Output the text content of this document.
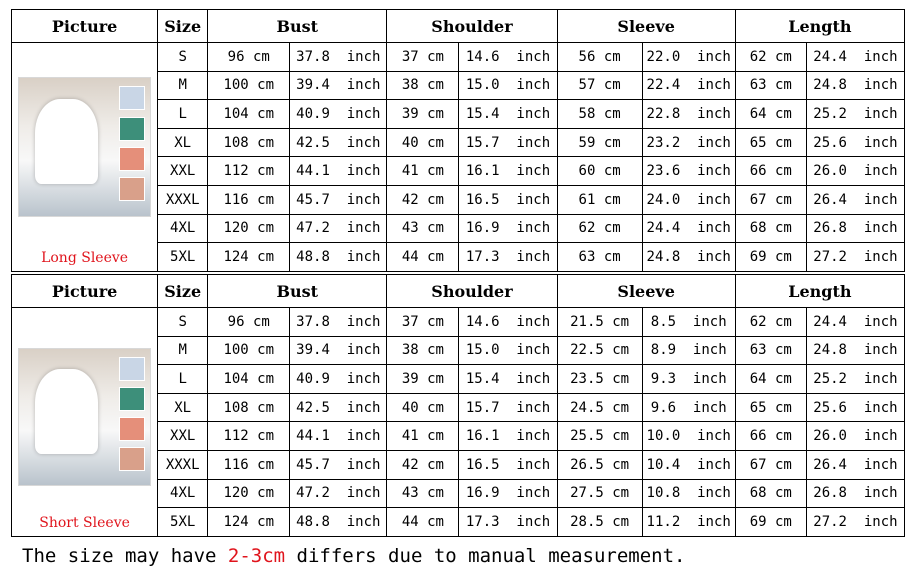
Picture	Size	Bust		Shoulder		Sleeve		Length	

Long Sleeve	S	96 cm	37.8  inch	37 cm	14.6  inch	56 cm	22.0  inch	62 cm	24.4  inch
	M	100 cm	39.4  inch	38 cm	15.0  inch	57 cm	22.4  inch	63 cm	24.8  inch
	L	104 cm	40.9  inch	39 cm	15.4  inch	58 cm	22.8  inch	64 cm	25.2  inch
	XL	108 cm	42.5  inch	40 cm	15.7  inch	59 cm	23.2  inch	65 cm	25.6  inch
	XXL	112 cm	44.1  inch	41 cm	16.1  inch	60 cm	23.6  inch	66 cm	26.0  inch
	XXXL	116 cm	45.7  inch	42 cm	16.5  inch	61 cm	24.0  inch	67 cm	26.4  inch
	4XL	120 cm	47.2  inch	43 cm	16.9  inch	62 cm	24.4  inch	68 cm	26.8  inch
	5XL	124 cm	48.8  inch	44 cm	17.3  inch	63 cm	24.8  inch	69 cm	27.2  inch
Picture	Size	Bust		Shoulder		Sleeve		Length	

Short Sleeve	S	96 cm	37.8  inch	37 cm	14.6  inch	21.5 cm	8.5  inch	62 cm	24.4  inch
	M	100 cm	39.4  inch	38 cm	15.0  inch	22.5 cm	8.9  inch	63 cm	24.8  inch
	L	104 cm	40.9  inch	39 cm	15.4  inch	23.5 cm	9.3  inch	64 cm	25.2  inch
	XL	108 cm	42.5  inch	40 cm	15.7  inch	24.5 cm	9.6  inch	65 cm	25.6  inch
	XXL	112 cm	44.1  inch	41 cm	16.1  inch	25.5 cm	10.0  inch	66 cm	26.0  inch
	XXXL	116 cm	45.7  inch	42 cm	16.5  inch	26.5 cm	10.4  inch	67 cm	26.4  inch
	4XL	120 cm	47.2  inch	43 cm	16.9  inch	27.5 cm	10.8  inch	68 cm	26.8  inch
	5XL	124 cm	48.8  inch	44 cm	17.3  inch	28.5 cm	11.2  inch	69 cm	27.2  inch
The size may have 2-3cm differs due to manual measurement.
